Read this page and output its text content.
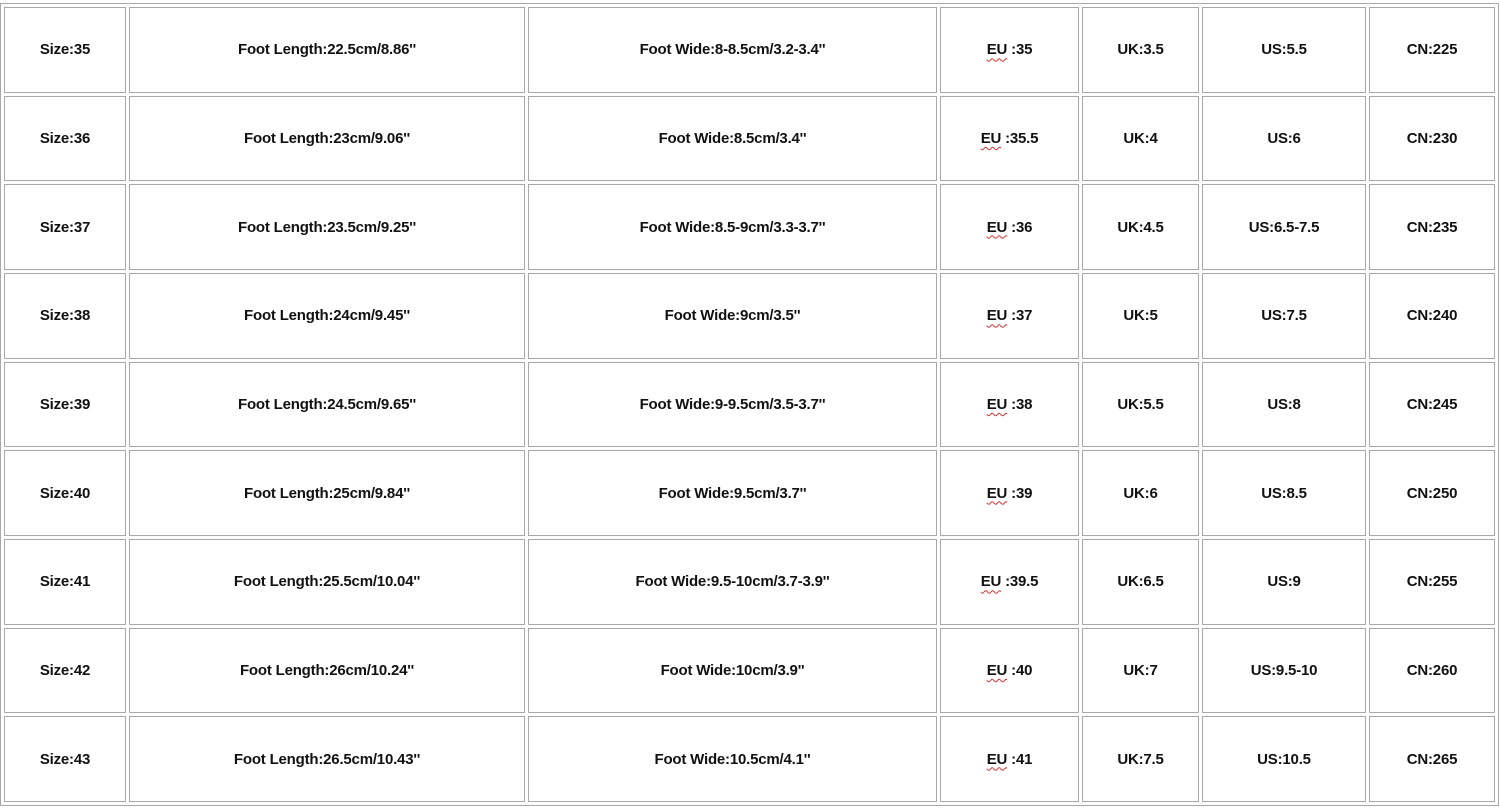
Size:35	Foot Length:22.5cm/8.86''	Foot Wide:8-8.5cm/3.2-3.4''	EU :35	UK:3.5	US:5.5	CN:225
Size:36	Foot Length:23cm/9.06''	Foot Wide:8.5cm/3.4''	EU :35.5	UK:4	US:6	CN:230
Size:37	Foot Length:23.5cm/9.25''	Foot Wide:8.5-9cm/3.3-3.7''	EU :36	UK:4.5	US:6.5-7.5	CN:235
Size:38	Foot Length:24cm/9.45''	Foot Wide:9cm/3.5''	EU :37	UK:5	US:7.5	CN:240
Size:39	Foot Length:24.5cm/9.65''	Foot Wide:9-9.5cm/3.5-3.7''	EU :38	UK:5.5	US:8	CN:245
Size:40	Foot Length:25cm/9.84''	Foot Wide:9.5cm/3.7''	EU :39	UK:6	US:8.5	CN:250
Size:41	Foot Length:25.5cm/10.04''	Foot Wide:9.5-10cm/3.7-3.9''	EU :39.5	UK:6.5	US:9	CN:255
Size:42	Foot Length:26cm/10.24''	Foot Wide:10cm/3.9''	EU :40	UK:7	US:9.5-10	CN:260
Size:43	Foot Length:26.5cm/10.43''	Foot Wide:10.5cm/4.1''	EU :41	UK:7.5	US:10.5	CN:265
